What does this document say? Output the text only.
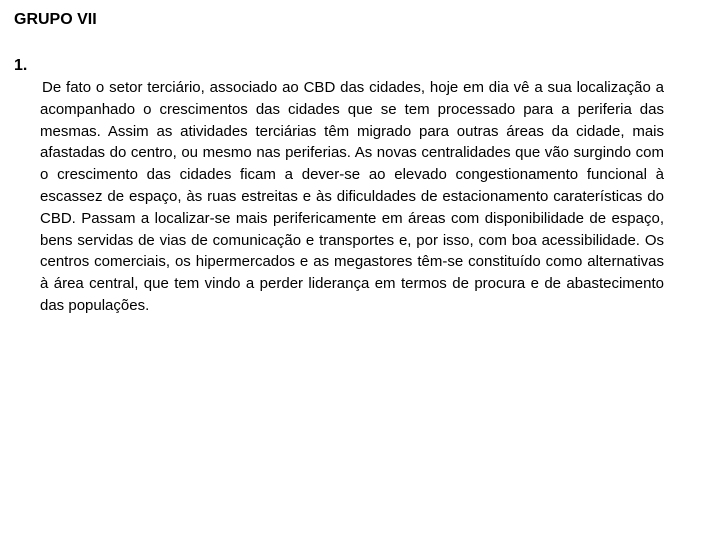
GRUPO VII
1.

De fato o setor terciário, associado ao CBD das cidades, hoje em dia vê a sua localização a acompanhado o crescimentos das cidades que se tem processado para a periferia das mesmas. Assim as atividades terciárias têm migrado para outras áreas da cidade, mais afastadas do centro, ou mesmo nas periferias. As novas centralidades que vão surgindo com o crescimento das cidades ficam a dever-se ao elevado congestionamento funcional à escassez de espaço, às ruas estreitas e às dificuldades de estacionamento caraterísticas do CBD. Passam a localizar-se mais perifericamente em áreas com disponibilidade de espaço, bens servidas de vias de comunicação e transportes e, por isso, com boa acessibilidade. Os centros comerciais, os hipermercados e as megastores têm-se constituído como alternativas à área central, que tem vindo a perder liderança em termos de procura e de abastecimento das populações.
